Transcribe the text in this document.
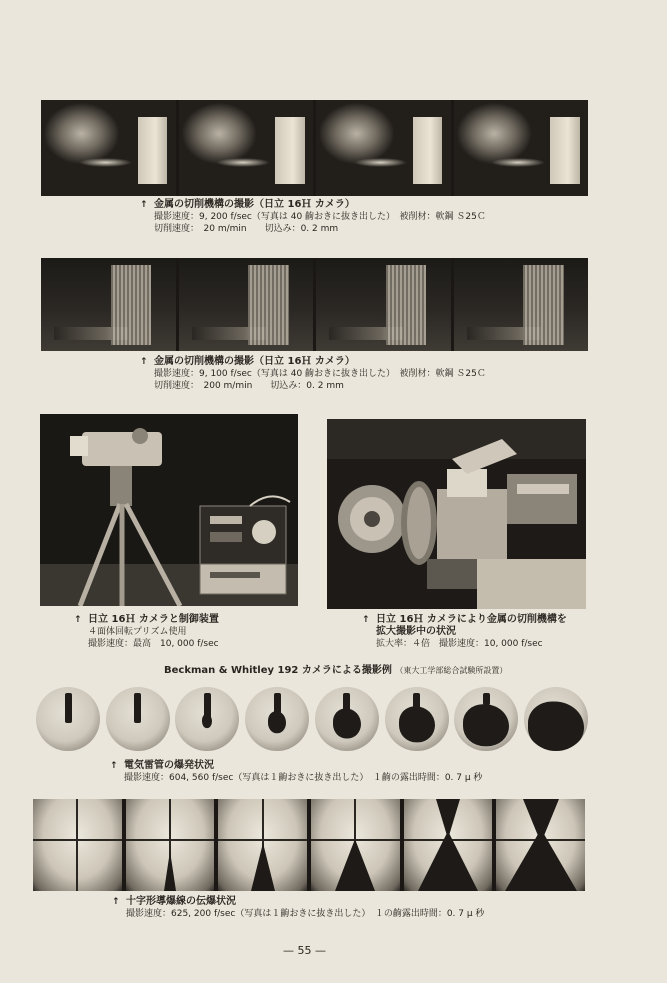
↑ 金属の切削機構の撮影（日立 16Ｈ カメラ）
撮影速度：9, 200 f/sec（写真は 40 齣おきに抜き出した）　被削材：軟鋼 Ｓ25Ｃ
切削速度：　20 m/min　　切込み：0. 2 mm
↑ 金属の切削機構の撮影（日立 16Ｈ カメラ）
撮影速度：9, 100 f/sec（写真は 40 齣おきに抜き出した）　被削材：軟鋼 Ｓ25Ｃ
切削速度：　200 m/min　　切込み：0. 2 mm
↑ 日立 16Ｈ カメラと制御装置
４面体回転プリズム使用
撮影速度：最高　10, 000 f/sec
↑ 日立 16Ｈ カメラにより金属の切削機構を
拡大撮影中の状況
拡大率：４倍　撮影速度：10, 000 f/sec
Beckman & Whitley 192 カメラによる撮影例 （東大工学部総合試験所設置）
↑ 電気雷管の爆発状況
撮影速度：604, 560 f/sec（写真は１齣おきに抜き出した）　１齣の露出時間：0. 7 μ 秒
↑ 十字形導爆線の伝爆状況
撮影速度：625, 200 f/sec（写真は１齣おきに抜き出した）　１の齣露出時間：0. 7 μ 秒
— 55 —
